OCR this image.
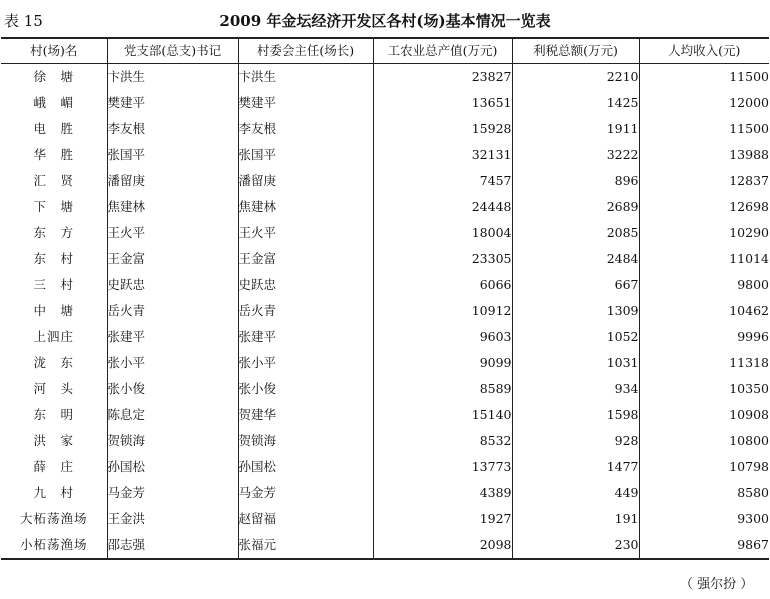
表 15	2009 年金坛经济开发区各村(场)基本情况一览表
村(场)名	党支部(总支)书记	村委会主任(场长)	工农业总产值(万元)	利税总额(万元)	人均收入(元)
徐　塘	卞洪生	卞洪生	23827	2210	11500
峨　嵋	樊建平	樊建平	13651	1425	12000
电　胜	李友根	李友根	15928	1911	11500
华　胜	张国平	张国平	32131	3222	13988
汇　贤	潘留庚	潘留庚	7457	896	12837
下　塘	焦建林	焦建林	24448	2689	12698
东　方	王火平	王火平	18004	2085	10290
东　村	王金富	王金富	23305	2484	11014
三　村	史跃忠	史跃忠	6066	667	9800
中　塘	岳火青	岳火青	10912	1309	10462
上泗庄	张建平	张建平	9603	1052	9996
泷　东	张小平	张小平	9099	1031	11318
河　头	张小俊	张小俊	8589	934	10350
东　明	陈息定	贺建华	15140	1598	10908
洪　家	贺锁海	贺锁海	8532	928	10800
薛　庄	孙国松	孙国松	13773	1477	10798
九　村	马金芳	马金芳	4389	449	8580
大柘荡渔场	王金洪	赵留福	1927	191	9300
小柘荡渔场	邵志强	张福元	2098	230	9867
（ 强尔扮 ）
